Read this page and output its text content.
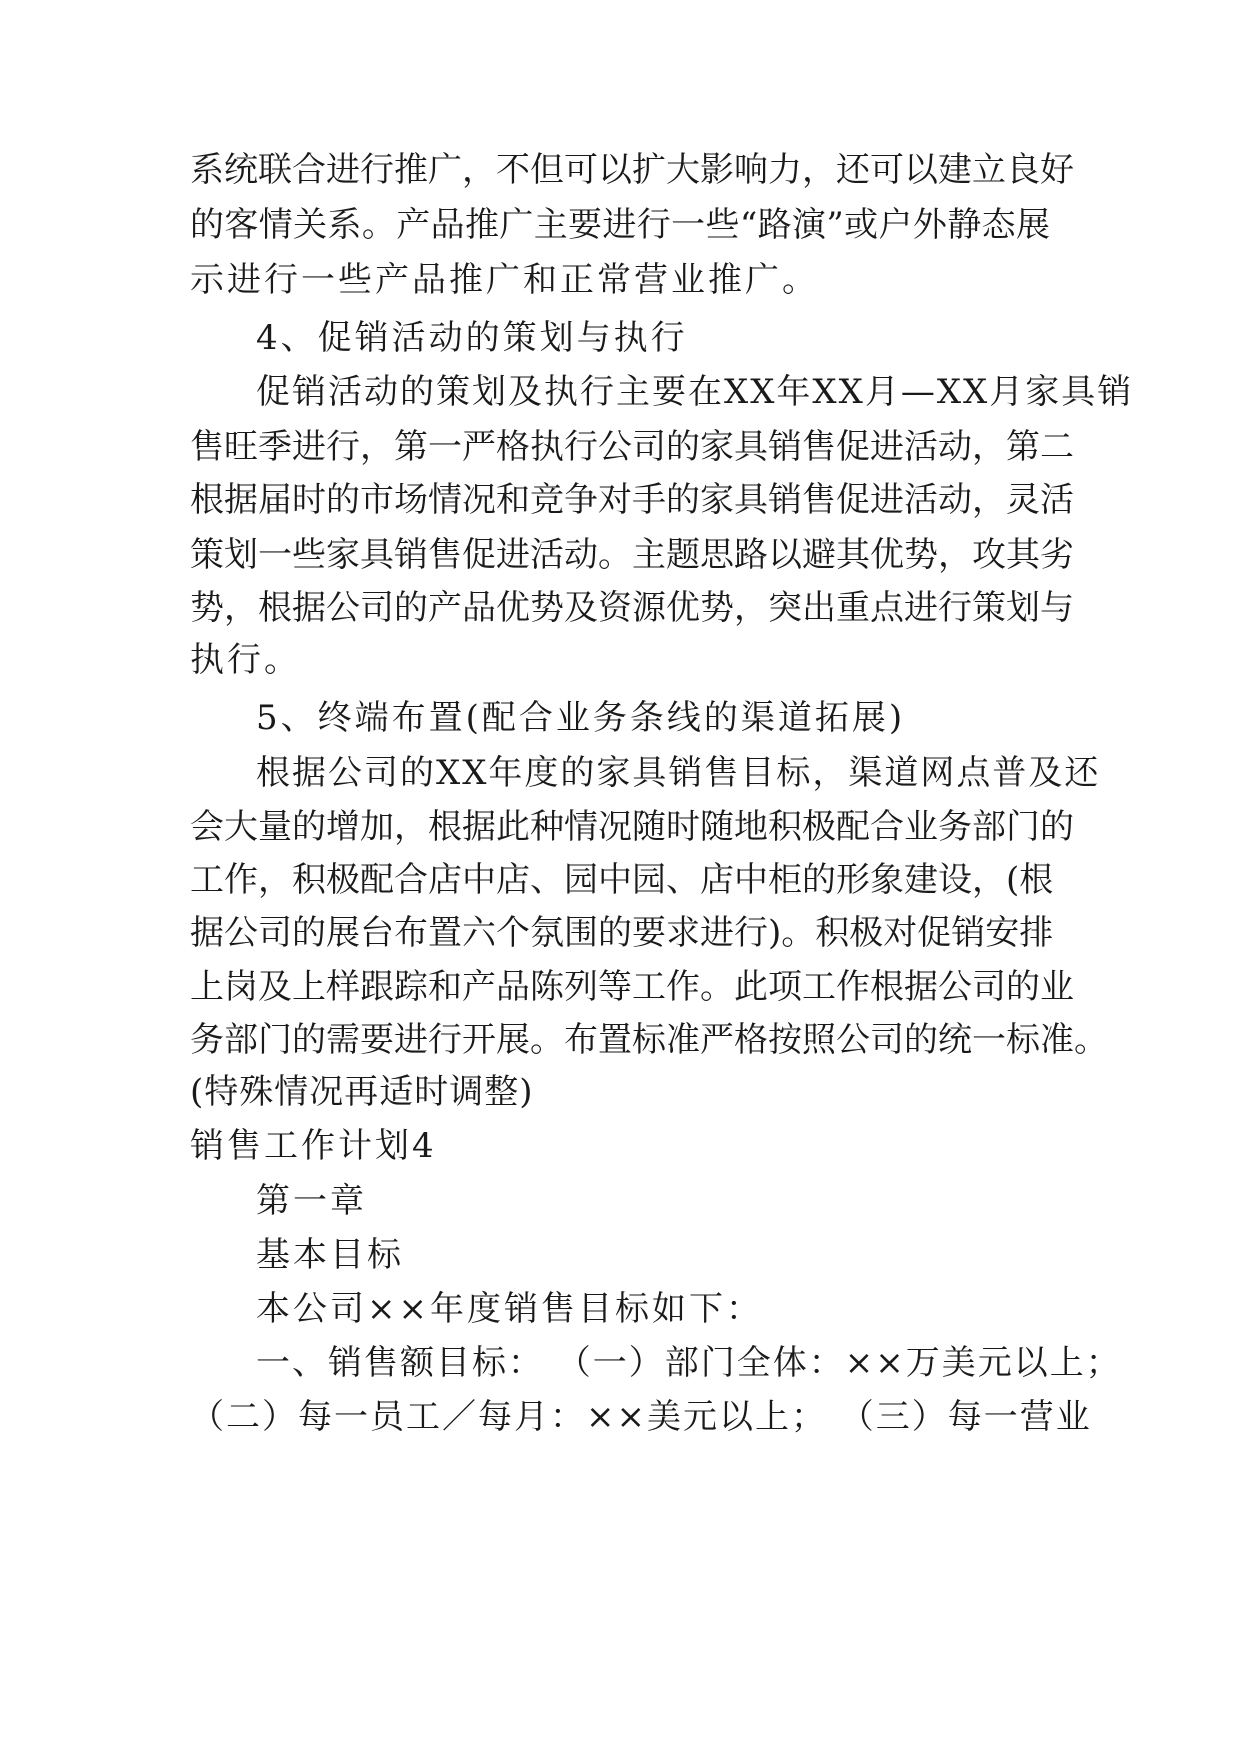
系统联合进行推广，不但可以扩大影响力，还可以建立良好
的客情关系。产品推广主要进行一些“路演”或户外静态展
示进行一些产品推广和正常营业推广。
4、促销活动的策划与执行
促销活动的策划及执行主要在XX年XX月—XX月家具销
售旺季进行，第一严格执行公司的家具销售促进活动，第二
根据届时的市场情况和竞争对手的家具销售促进活动，灵活
策划一些家具销售促进活动。主题思路以避其优势，攻其劣
势，根据公司的产品优势及资源优势，突出重点进行策划与
执行。
5、终端布置(配合业务条线的渠道拓展)
根据公司的XX年度的家具销售目标，渠道网点普及还
会大量的增加，根据此种情况随时随地积极配合业务部门的
工作，积极配合店中店、园中园、店中柜的形象建设，(根
据公司的展台布置六个氛围的要求进行)。积极对促销安排
上岗及上样跟踪和产品陈列等工作。此项工作根据公司的业
务部门的需要进行开展。布置标准严格按照公司的统一标准。
(特殊情况再适时调整)
销售工作计划4
第一章
基本目标
本公司××年度销售目标如下：
一、销售额目标： （一）部门全体：××万美元以上；
（二）每一员工／每月：××美元以上； （三）每一营业
